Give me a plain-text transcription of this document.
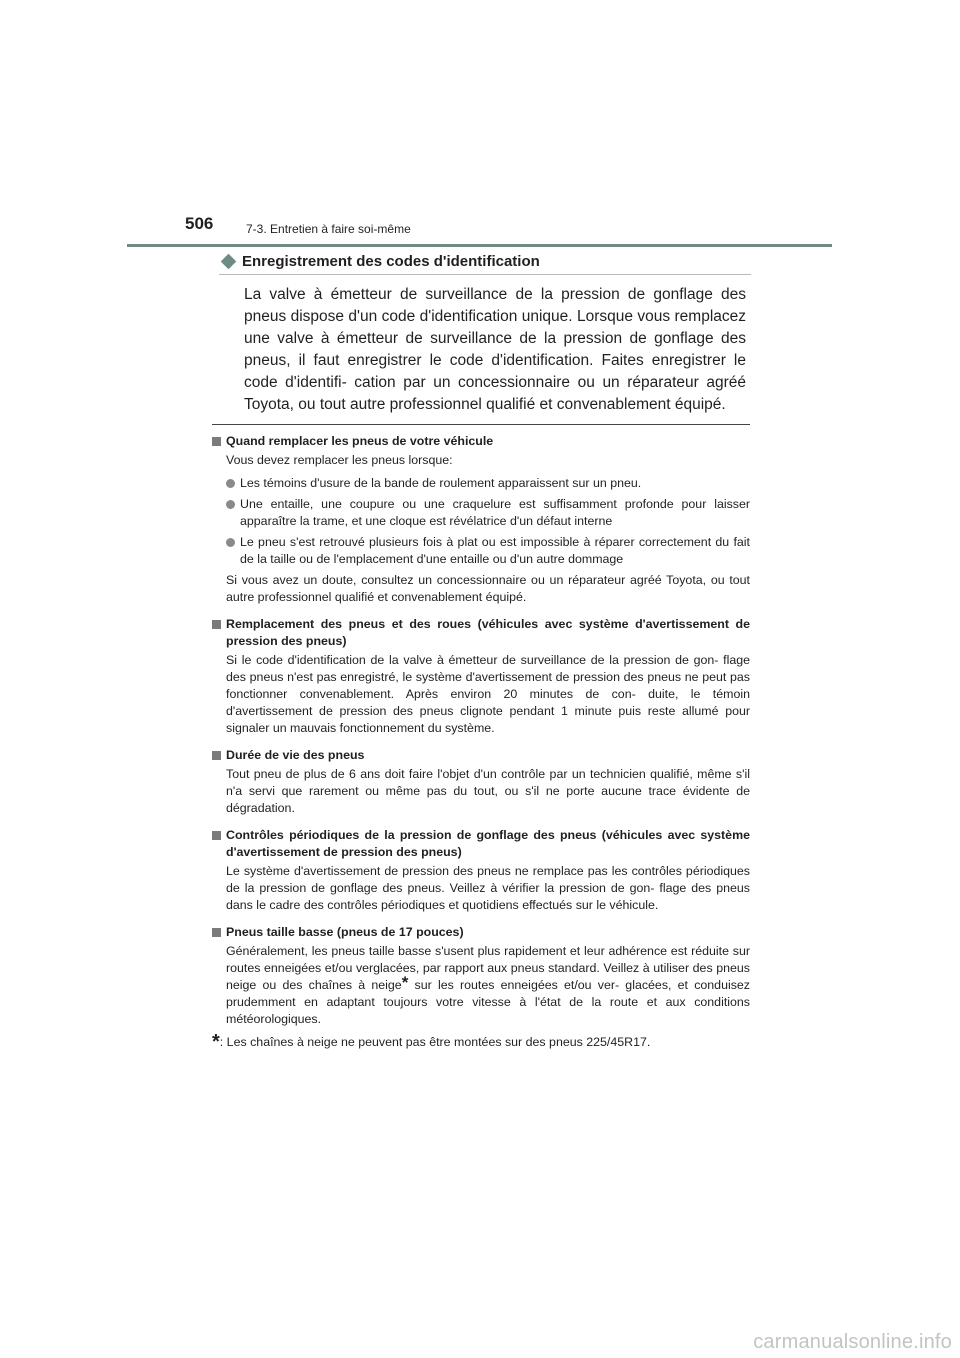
506	7-3. Entretien à faire soi-même
Enregistrement des codes d'identification

La valve à émetteur de surveillance de la pression de gonflage des pneus dispose d'un code d'identification unique. Lorsque vous remplacez une valve à émetteur de surveillance de la pression de gonflage des pneus, il faut enregistrer le code d'identification. Faites enregistrer le code d'identifi- cation par un concessionnaire ou un réparateur agréé Toyota, ou tout autre professionnel qualifié et convenablement équipé.

Quand remplacer les pneus de votre véhicule

Vous devez remplacer les pneus lorsque:

Les témoins d'usure de la bande de roulement apparaissent sur un pneu.

Une entaille, une coupure ou une craquelure est suffisamment profonde pour laisser apparaître la trame, et une cloque est révélatrice d'un défaut interne

Le pneu s'est retrouvé plusieurs fois à plat ou est impossible à réparer correctement du fait de la taille ou de l'emplacement d'une entaille ou d'un autre dommage

Si vous avez un doute, consultez un concessionnaire ou un réparateur agréé Toyota, ou tout autre professionnel qualifié et convenablement équipé.

Remplacement des pneus et des roues (véhicules avec système d'avertissement de pression des pneus)

Si le code d'identification de la valve à émetteur de surveillance de la pression de gon- flage des pneus n'est pas enregistré, le système d'avertissement de pression des pneus ne peut pas fonctionner convenablement. Après environ 20 minutes de con- duite, le témoin d'avertissement de pression des pneus clignote pendant 1 minute puis reste allumé pour signaler un mauvais fonctionnement du système.

Durée de vie des pneus

Tout pneu de plus de 6 ans doit faire l'objet d'un contrôle par un technicien qualifié, même s'il n'a servi que rarement ou même pas du tout, ou s'il ne porte aucune trace évidente de dégradation.

Contrôles périodiques de la pression de gonflage des pneus (véhicules avec système d'avertissement de pression des pneus)

Le système d'avertissement de pression des pneus ne remplace pas les contrôles périodiques de la pression de gonflage des pneus. Veillez à vérifier la pression de gon- flage des pneus dans le cadre des contrôles périodiques et quotidiens effectués sur le véhicule.

Pneus taille basse (pneus de 17 pouces)

Généralement, les pneus taille basse s'usent plus rapidement et leur adhérence est réduite sur routes enneigées et/ou verglacées, par rapport aux pneus standard. Veillez à utiliser des pneus neige ou des chaînes à neige* sur les routes enneigées et/ou ver- glacées, et conduisez prudemment en adaptant toujours votre vitesse à l'état de la route et aux conditions météorologiques.

*: Les chaînes à neige ne peuvent pas être montées sur des pneus 225/45R17.

carmanualsonline.info
